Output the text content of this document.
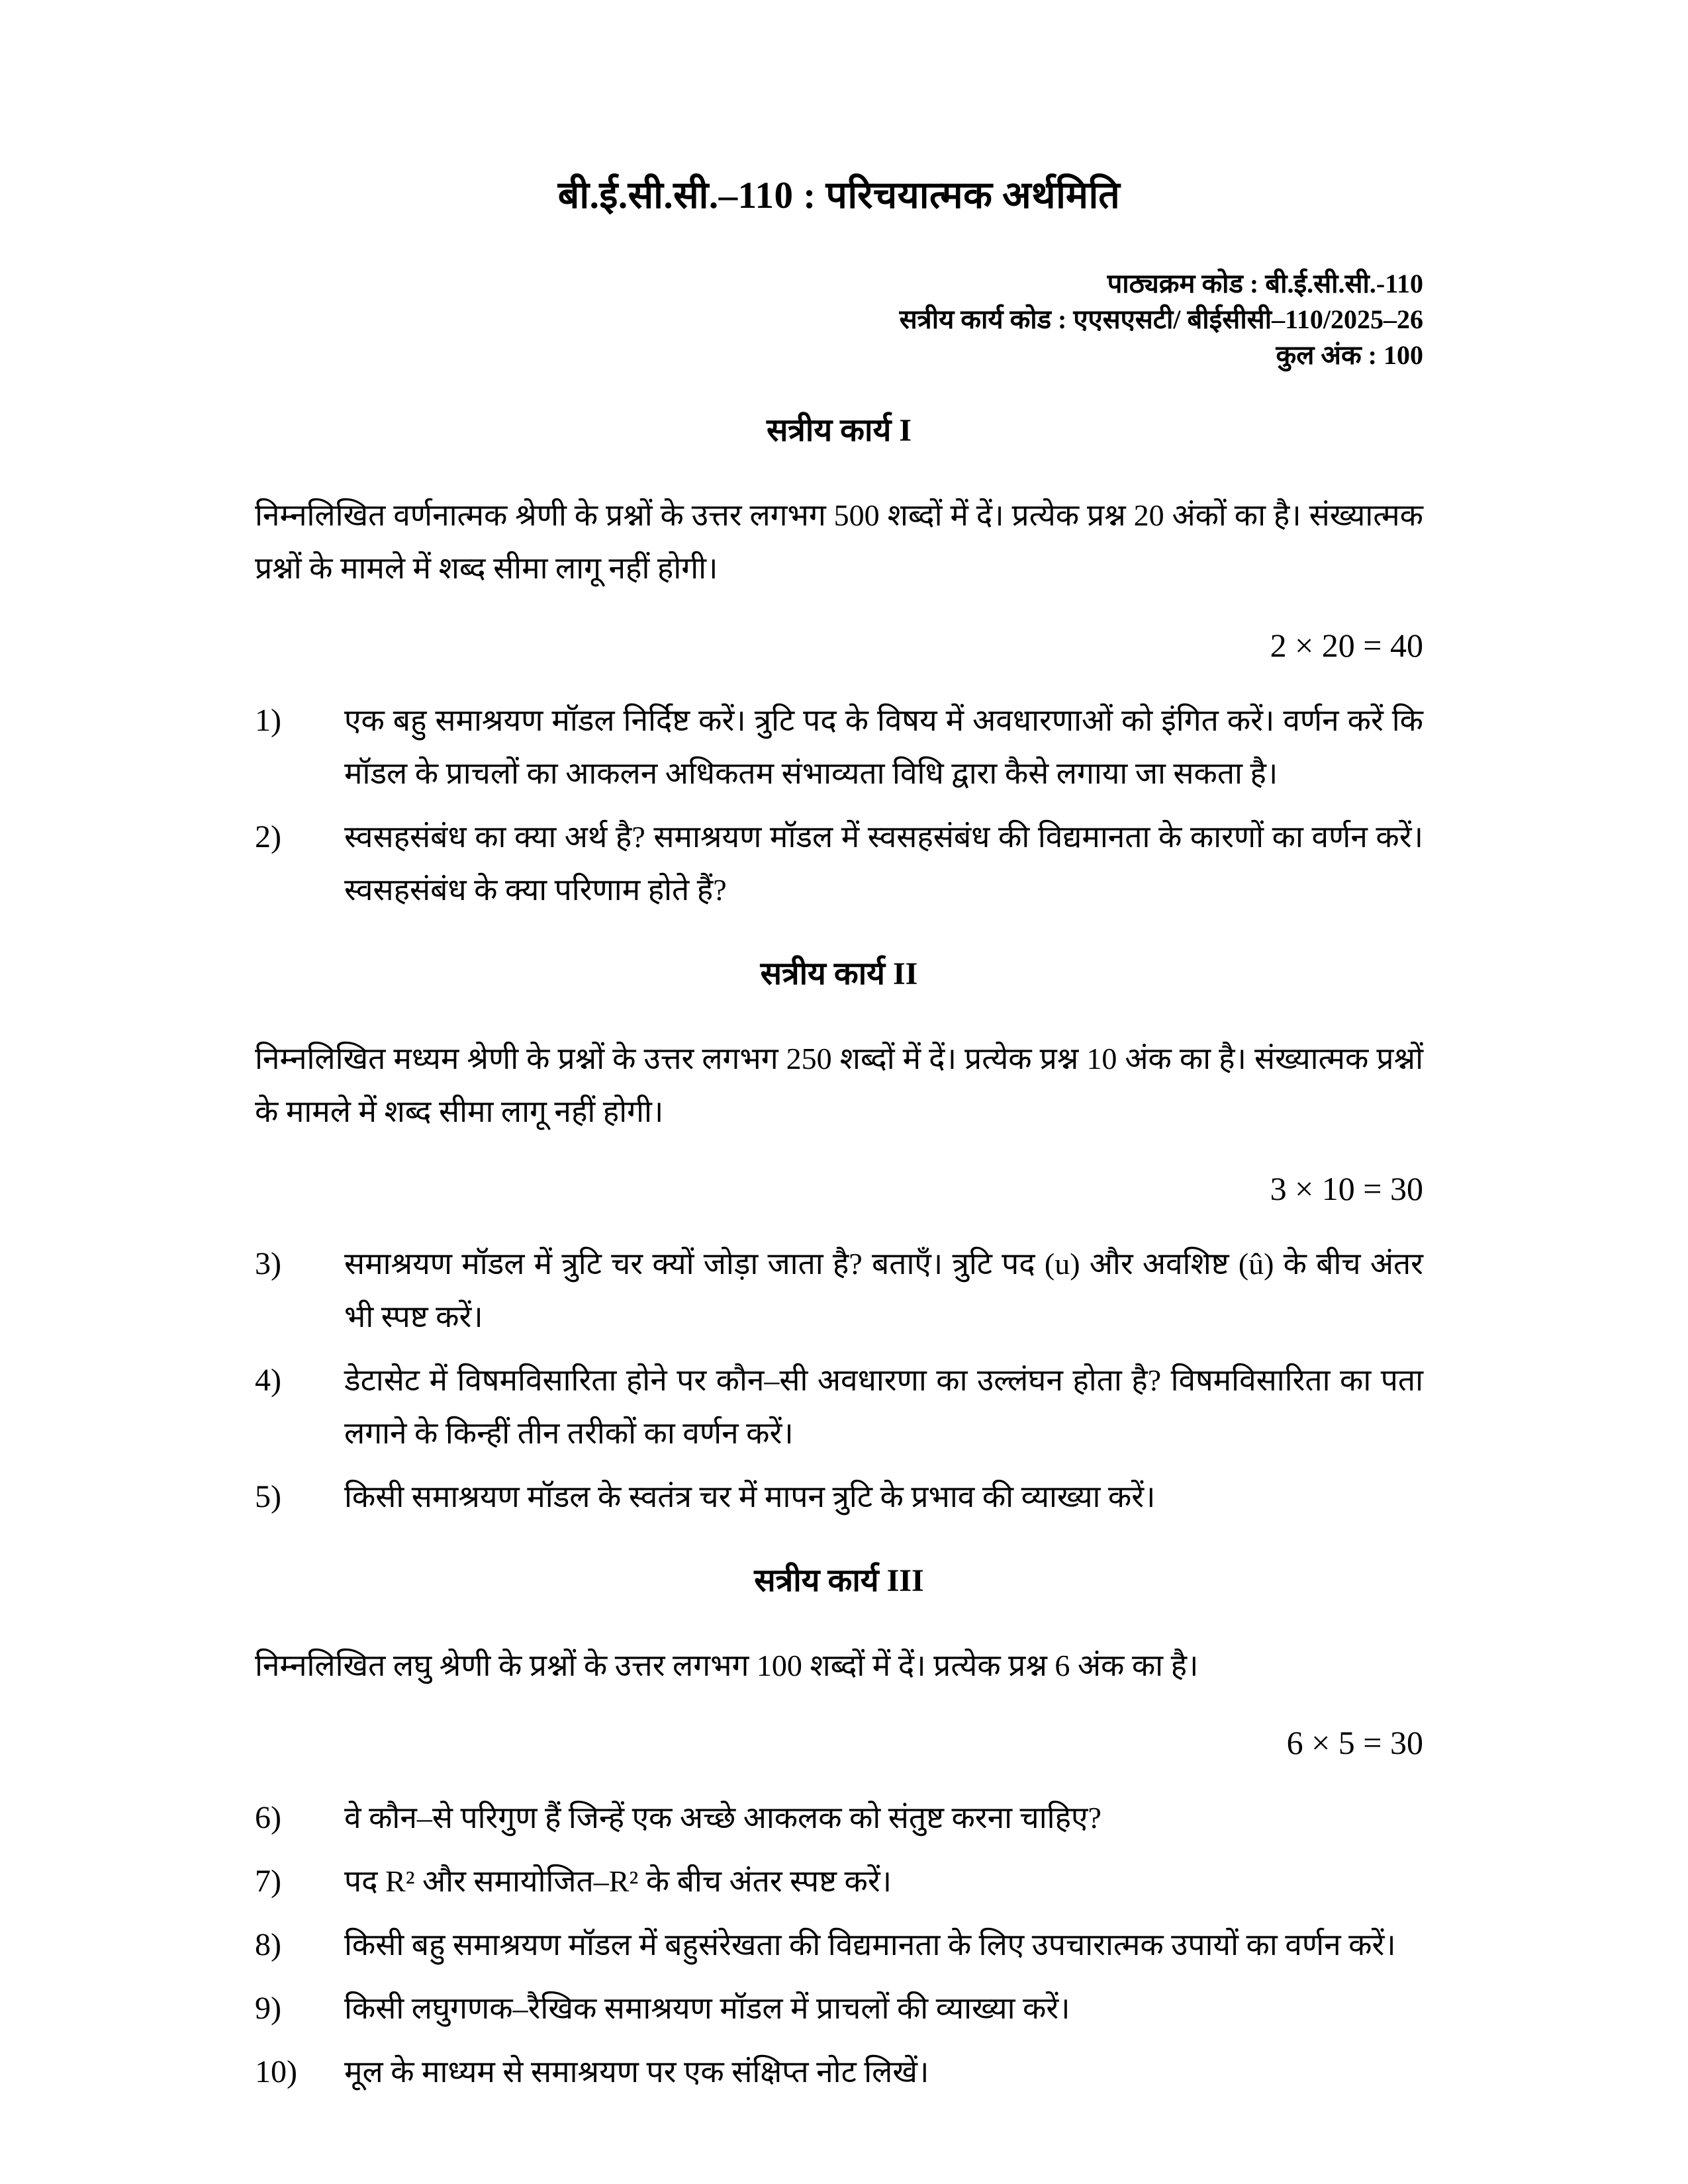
बी.ई.सी.सी.–110 : परिचयात्मक अर्थमिति
पाठ्यक्रम कोड : बी.ई.सी.सी.-110
सत्रीय कार्य कोड : एएसएसटी/ बीईसीसी–110/2025–26
कुल अंक : 100
सत्रीय कार्य I
निम्नलिखित वर्णनात्मक श्रेणी के प्रश्नों के उत्तर लगभग 500 शब्दों में दें। प्रत्येक प्रश्न 20 अंकों का है। संख्यात्मक प्रश्नों के मामले में शब्द सीमा लागू नहीं होगी।
2 × 20 = 40
1)	एक बहु समाश्रयण मॉडल निर्दिष्ट करें। त्रुटि पद के विषय में अवधारणाओं को इंगित करें। वर्णन करें कि मॉडल के प्राचलों का आकलन अधिकतम संभाव्यता विधि द्वारा कैसे लगाया जा सकता है।
2)	स्वसहसंबंध का क्या अर्थ है? समाश्रयण मॉडल में स्वसहसंबंध की विद्यमानता के कारणों का वर्णन करें। स्वसहसंबंध के क्या परिणाम होते हैं?
सत्रीय कार्य II
निम्नलिखित मध्यम श्रेणी के प्रश्नों के उत्तर लगभग 250 शब्दों में दें। प्रत्येक प्रश्न 10 अंक का है। संख्यात्मक प्रश्नों के मामले में शब्द सीमा लागू नहीं होगी।
3 × 10 = 30
3)	समाश्रयण मॉडल में त्रुटि चर क्यों जोड़ा जाता है? बताएँ। त्रुटि पद (u) और अवशिष्ट (û) के बीच अंतर भी स्पष्ट करें।
4)	डेटासेट में विषमविसारिता होने पर कौन–सी अवधारणा का उल्लंघन होता है? विषमविसारिता का पता लगाने के किन्हीं तीन तरीकों का वर्णन करें।
5)	किसी समाश्रयण मॉडल के स्वतंत्र चर में मापन त्रुटि के प्रभाव की व्याख्या करें।
सत्रीय कार्य III
निम्नलिखित लघु श्रेणी के प्रश्नों के उत्तर लगभग 100 शब्दों में दें। प्रत्येक प्रश्न 6 अंक का है।
6 × 5 = 30
6)	वे कौन–से परिगुण हैं जिन्हें एक अच्छे आकलक को संतुष्ट करना चाहिए?
7)	पद R² और समायोजित–R² के बीच अंतर स्पष्ट करें।
8)	किसी बहु समाश्रयण मॉडल में बहुसंरेखता की विद्यमानता के लिए उपचारात्मक उपायों का वर्णन करें।
9)	किसी लघुगणक–रैखिक समाश्रयण मॉडल में प्राचलों की व्याख्या करें।
10)	मूल के माध्यम से समाश्रयण पर एक संक्षिप्त नोट लिखें।
